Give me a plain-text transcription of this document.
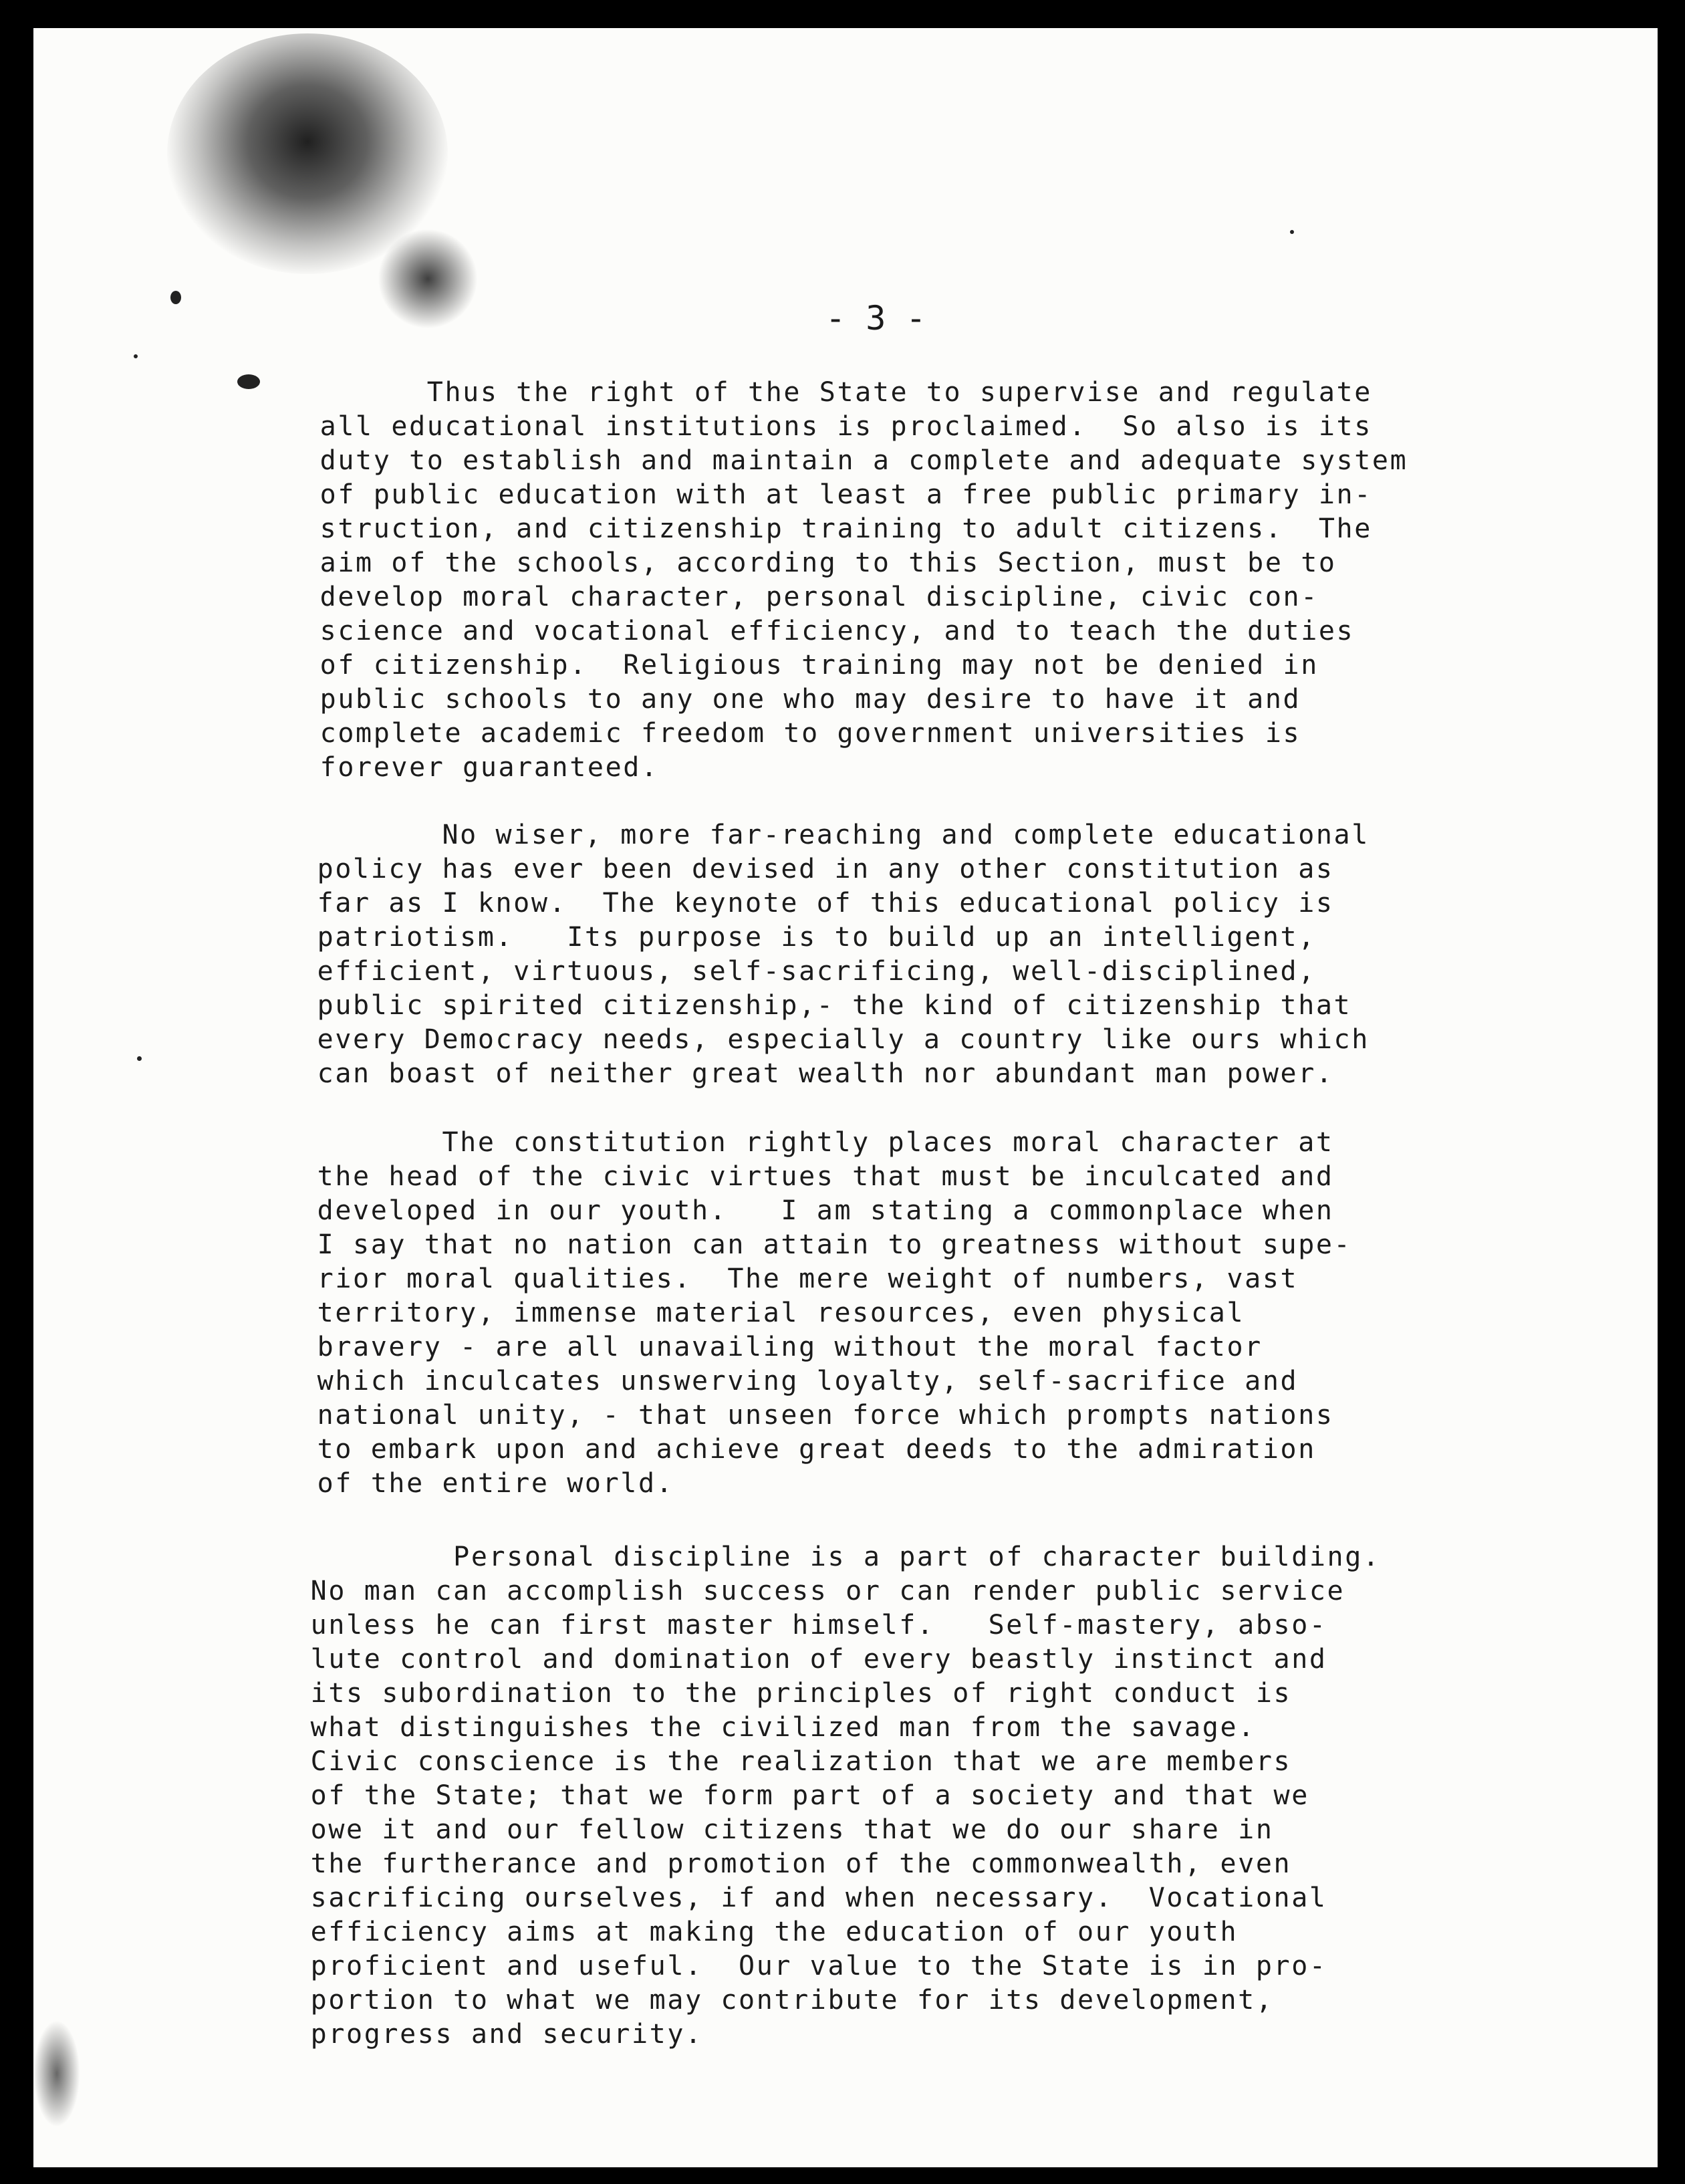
- 3 -

Thus the right of the State to supervise and regulate
all educational institutions is proclaimed.  So also is its
duty to establish and maintain a complete and adequate system
of public education with at least a free public primary in-
struction, and citizenship training to adult citizens.  The
aim of the schools, according to this Section, must be to
develop moral character, personal discipline, civic con-
science and vocational efficiency, and to teach the duties
of citizenship.  Religious training may not be denied in
public schools to any one who may desire to have it and
complete academic freedom to government universities is
forever guaranteed.

No wiser, more far-reaching and complete educational
policy has ever been devised in any other constitution as
far as I know.  The keynote of this educational policy is
patriotism.   Its purpose is to build up an intelligent,
efficient, virtuous, self-sacrificing, well-disciplined,
public spirited citizenship,- the kind of citizenship that
every Democracy needs, especially a country like ours which
can boast of neither great wealth nor abundant man power.

The constitution rightly places moral character at
the head of the civic virtues that must be inculcated and
developed in our youth.   I am stating a commonplace when
I say that no nation can attain to greatness without supe-
rior moral qualities.  The mere weight of numbers, vast
territory, immense material resources, even physical
bravery - are all unavailing without the moral factor
which inculcates unswerving loyalty, self-sacrifice and
national unity, - that unseen force which prompts nations
to embark upon and achieve great deeds to the admiration
of the entire world.

Personal discipline is a part of character building.
No man can accomplish success or can render public service
unless he can first master himself.   Self-mastery, abso-
lute control and domination of every beastly instinct and
its subordination to the principles of right conduct is
what distinguishes the civilized man from the savage.
Civic conscience is the realization that we are members
of the State; that we form part of a society and that we
owe it and our fellow citizens that we do our share in
the furtherance and promotion of the commonwealth, even
sacrificing ourselves, if and when necessary.  Vocational
efficiency aims at making the education of our youth
proficient and useful.  Our value to the State is in pro-
portion to what we may contribute for its development,
progress and security.
